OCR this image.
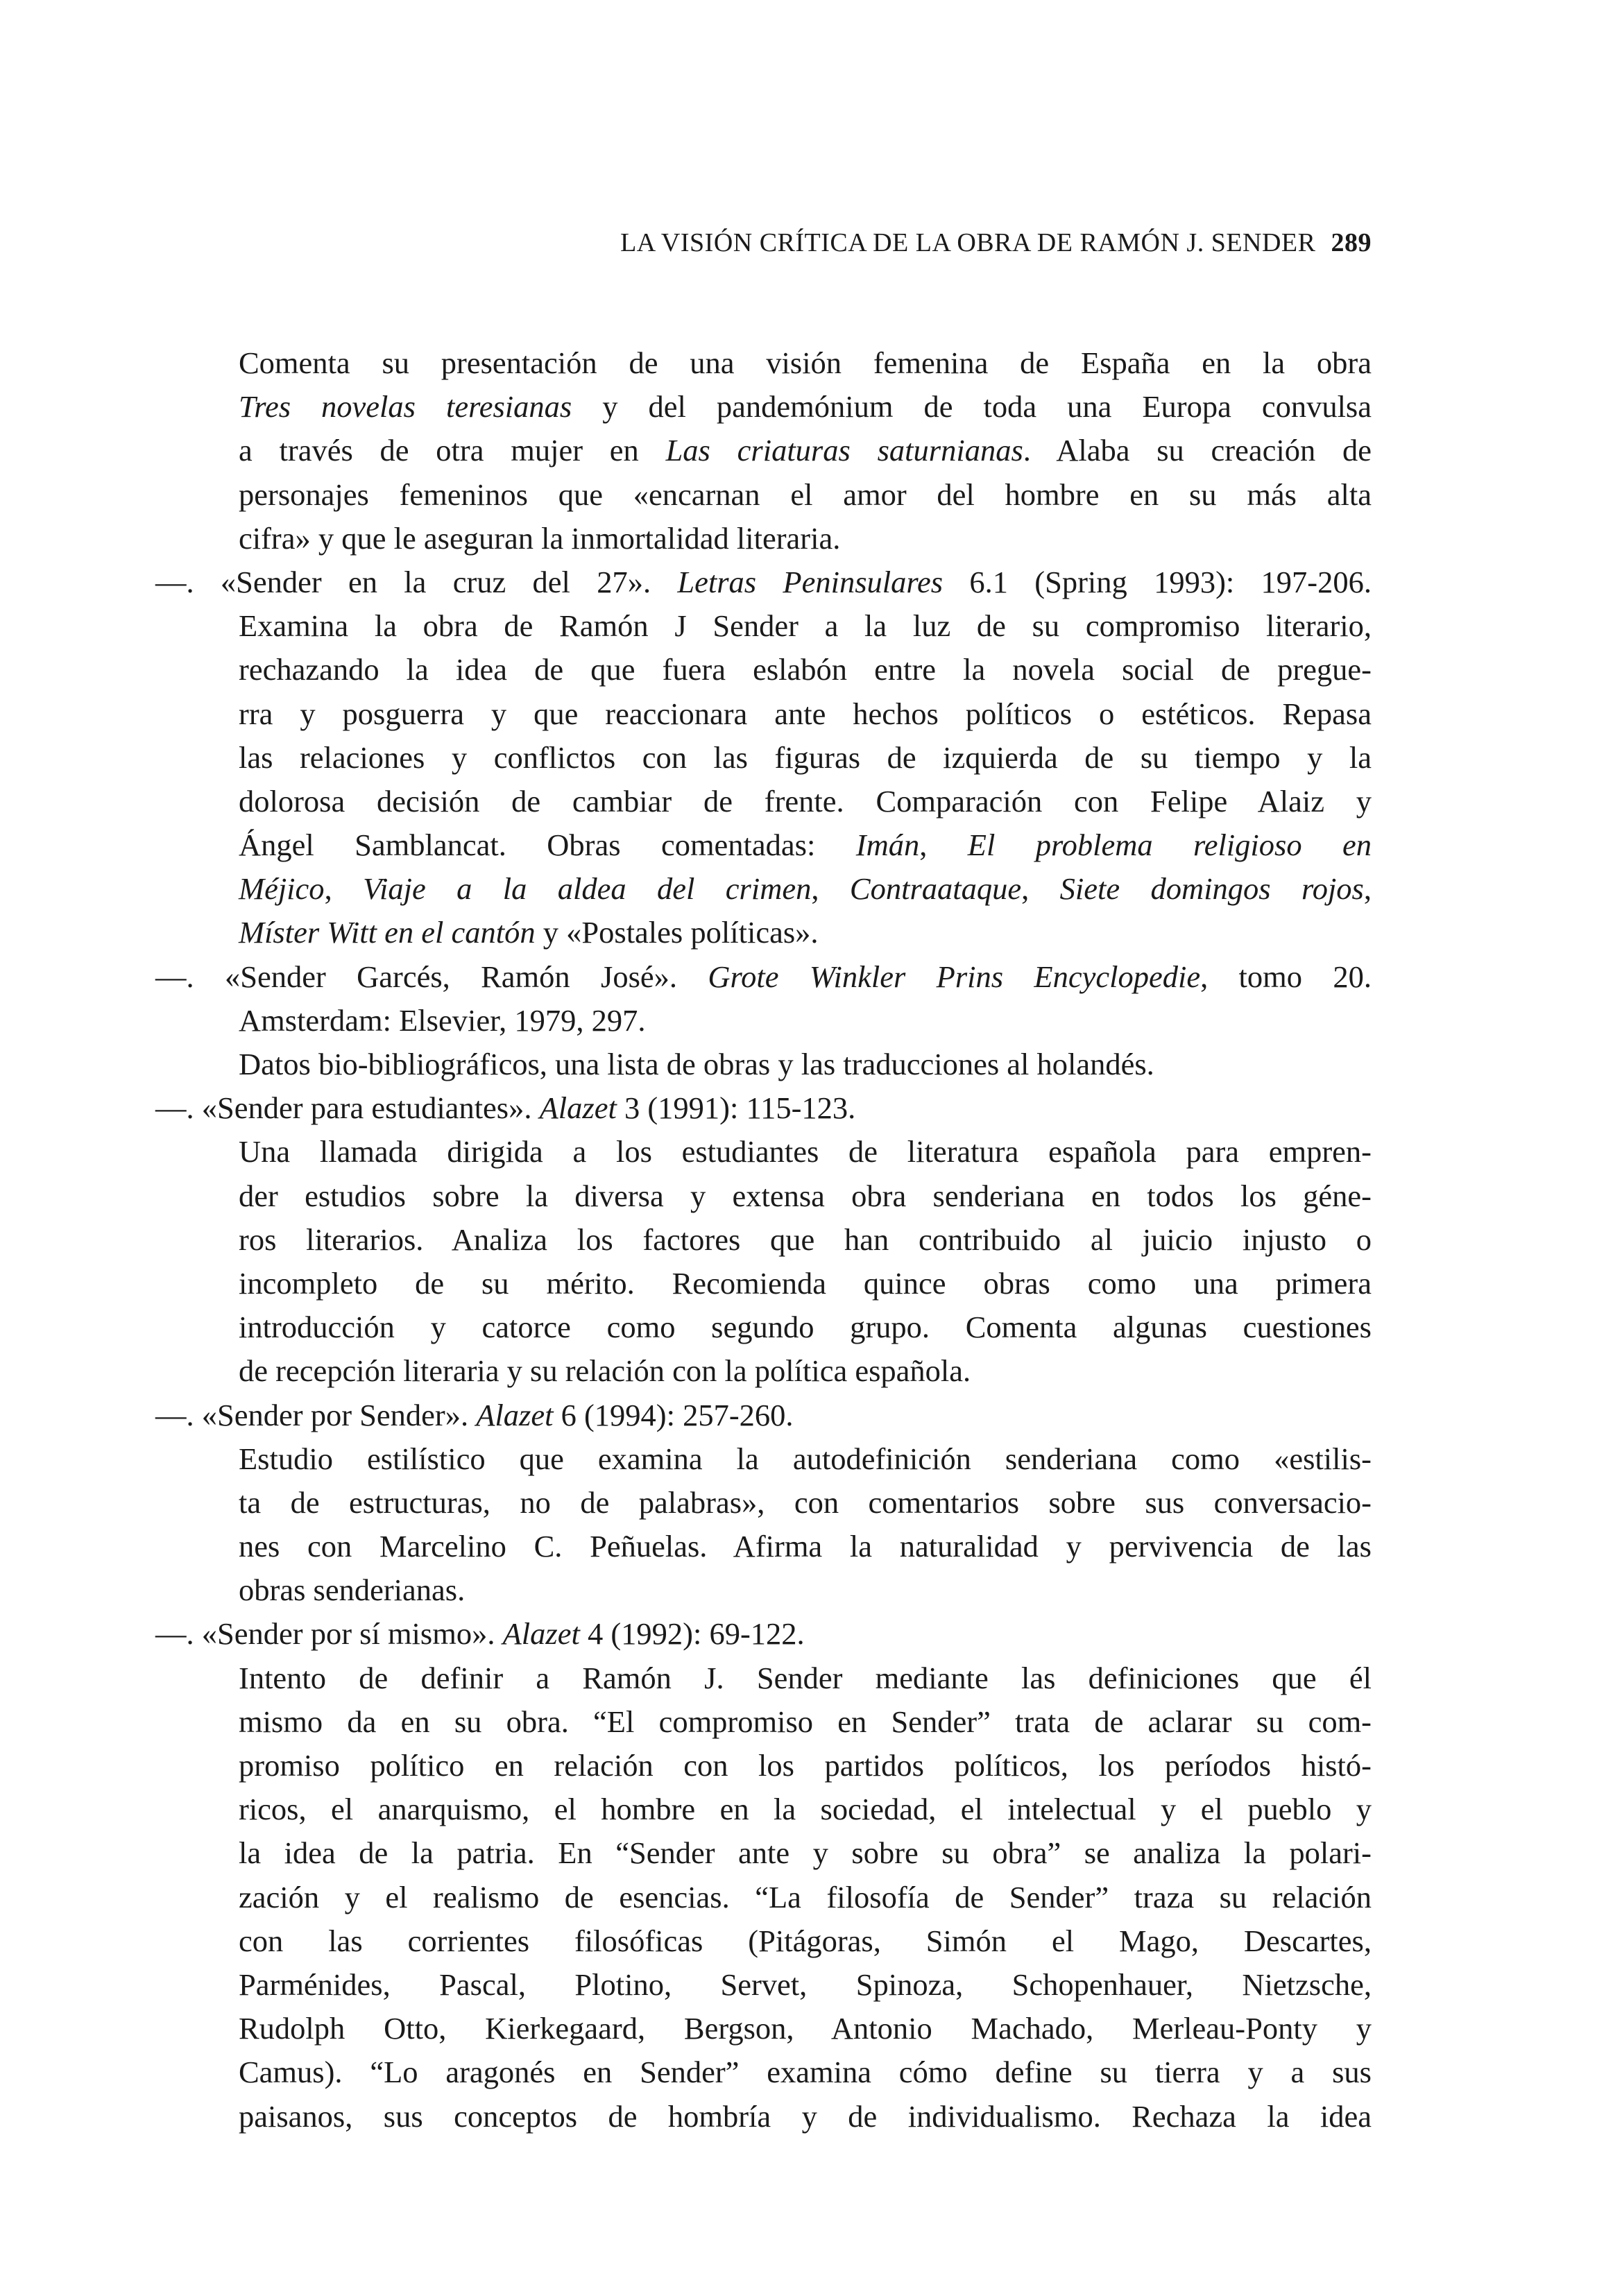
LA VISIÓN CRÍTICA DE LA OBRA DE RAMÓN J. SENDER 289
Comenta su presentación de una visión femenina de España en la obra
Tres novelas teresianas y del pandemónium de toda una Europa convulsa
a través de otra mujer en Las criaturas saturnianas. Alaba su creación de
personajes femeninos que «encarnan el amor del hombre en su más alta
cifra» y que le aseguran la inmortalidad literaria.
—. «Sender en la cruz del 27». Letras Peninsulares 6.1 (Spring 1993): 197-206.
Examina la obra de Ramón J Sender a la luz de su compromiso literario,
rechazando la idea de que fuera eslabón entre la novela social de pregue-
rra y posguerra y que reaccionara ante hechos políticos o estéticos. Repasa
las relaciones y conflictos con las figuras de izquierda de su tiempo y la
dolorosa decisión de cambiar de frente. Comparación con Felipe Alaiz y
Ángel Samblancat. Obras comentadas: Imán, El problema religioso en
Méjico, Viaje a la aldea del crimen, Contraataque, Siete domingos rojos,
Míster Witt en el cantón y «Postales políticas».
—. «Sender Garcés, Ramón José». Grote Winkler Prins Encyclopedie, tomo 20.
Amsterdam: Elsevier, 1979, 297.
Datos bio-bibliográficos, una lista de obras y las traducciones al holandés.
—. «Sender para estudiantes». Alazet 3 (1991): 115-123.
Una llamada dirigida a los estudiantes de literatura española para empren-
der estudios sobre la diversa y extensa obra senderiana en todos los géne-
ros literarios. Analiza los factores que han contribuido al juicio injusto o
incompleto de su mérito. Recomienda quince obras como una primera
introducción y catorce como segundo grupo. Comenta algunas cuestiones
de recepción literaria y su relación con la política española.
—. «Sender por Sender». Alazet 6 (1994): 257-260.
Estudio estilístico que examina la autodefinición senderiana como «estilis-
ta de estructuras, no de palabras», con comentarios sobre sus conversacio-
nes con Marcelino C. Peñuelas. Afirma la naturalidad y pervivencia de las
obras senderianas.
—. «Sender por sí mismo». Alazet 4 (1992): 69-122.
Intento de definir a Ramón J. Sender mediante las definiciones que él
mismo da en su obra. “El compromiso en Sender” trata de aclarar su com-
promiso político en relación con los partidos políticos, los períodos histó-
ricos, el anarquismo, el hombre en la sociedad, el intelectual y el pueblo y
la idea de la patria. En “Sender ante y sobre su obra” se analiza la polari-
zación y el realismo de esencias. “La filosofía de Sender” traza su relación
con las corrientes filosóficas (Pitágoras, Simón el Mago, Descartes,
Parménides, Pascal, Plotino, Servet, Spinoza, Schopenhauer, Nietzsche,
Rudolph Otto, Kierkegaard, Bergson, Antonio Machado, Merleau-Ponty y
Camus). “Lo aragonés en Sender” examina cómo define su tierra y a sus
paisanos, sus conceptos de hombría y de individualismo. Rechaza la idea
